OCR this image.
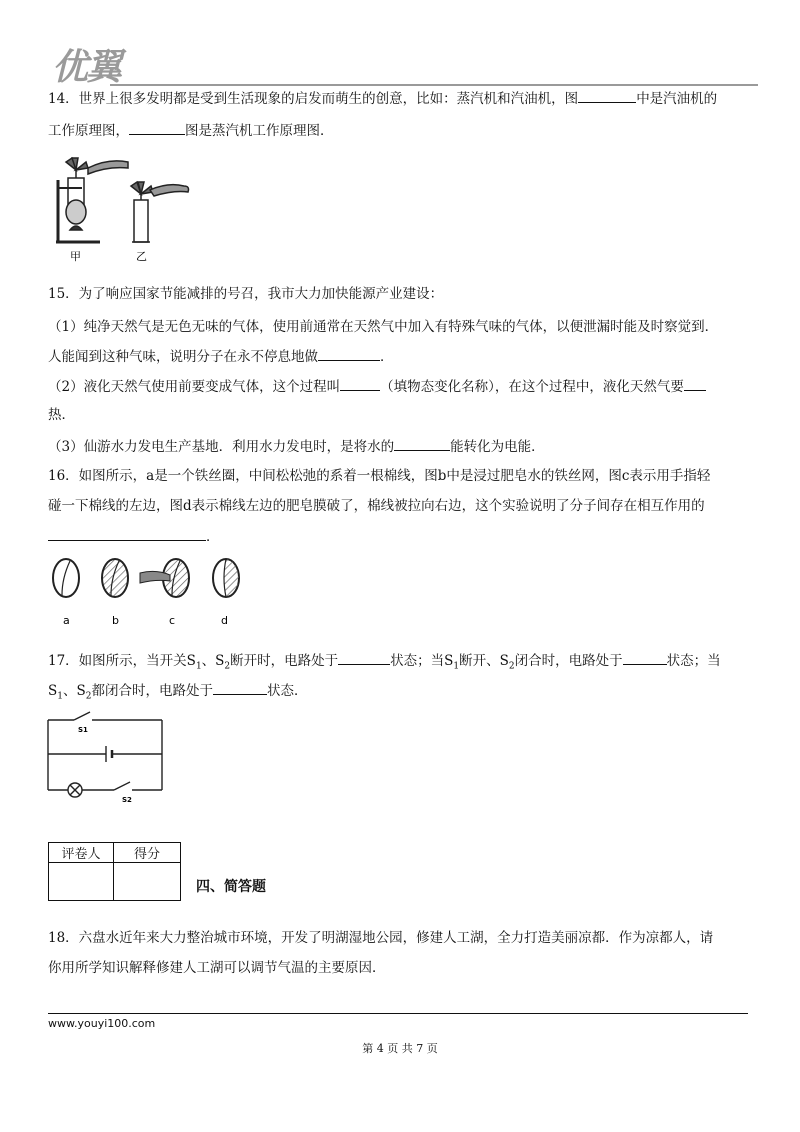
优翼
14．世界上很多发明都是受到生活现象的启发而萌生的创意，比如：蒸汽机和汽油机，图	中是汽油机的
工作原理图，	图是蒸汽机工作原理图．
甲	乙
15．为了响应国家节能减排的号召，我市大力加快能源产业建设：
（1）纯净天然气是无色无味的气体，使用前通常在天然气中加入有特殊气味的气体，以便泄漏时能及时察觉到．
人能闻到这种气味，说明分子在永不停息地做	．
（2）液化天然气使用前要变成气体，这个过程叫	（填物态变化名称），在这个过程中，液化天然气要
热．
（3）仙游水力发电生产基地．利用水力发电时，是将水的	能转化为电能．
16．如图所示，a是一个铁丝圈，中间松松弛的系着一根棉线，图b中是浸过肥皂水的铁丝网，图c表示用手指轻
碰一下棉线的左边，图d表示棉线左边的肥皂膜破了，棉线被拉向右边，这个实验说明了分子间存在相互作用的
．
a	b	c	d
17．如图所示，当开关$S_1$、$S_2$断开时，电路处于	状态；当$S_1$断开、$S_2$闭合时，电路处于	状态；当
$S_1$、$S_2$都闭合时，电路处于	状态．
S1
S2
评卷人	得分

四、简答题
18．六盘水近年来大力整治城市环境，开发了明湖湿地公园，修建人工湖，全力打造美丽凉都．作为凉都人，请
你用所学知识解释修建人工湖可以调节气温的主要原因．
www.youyi100.com
第 4 页 共 7 页
